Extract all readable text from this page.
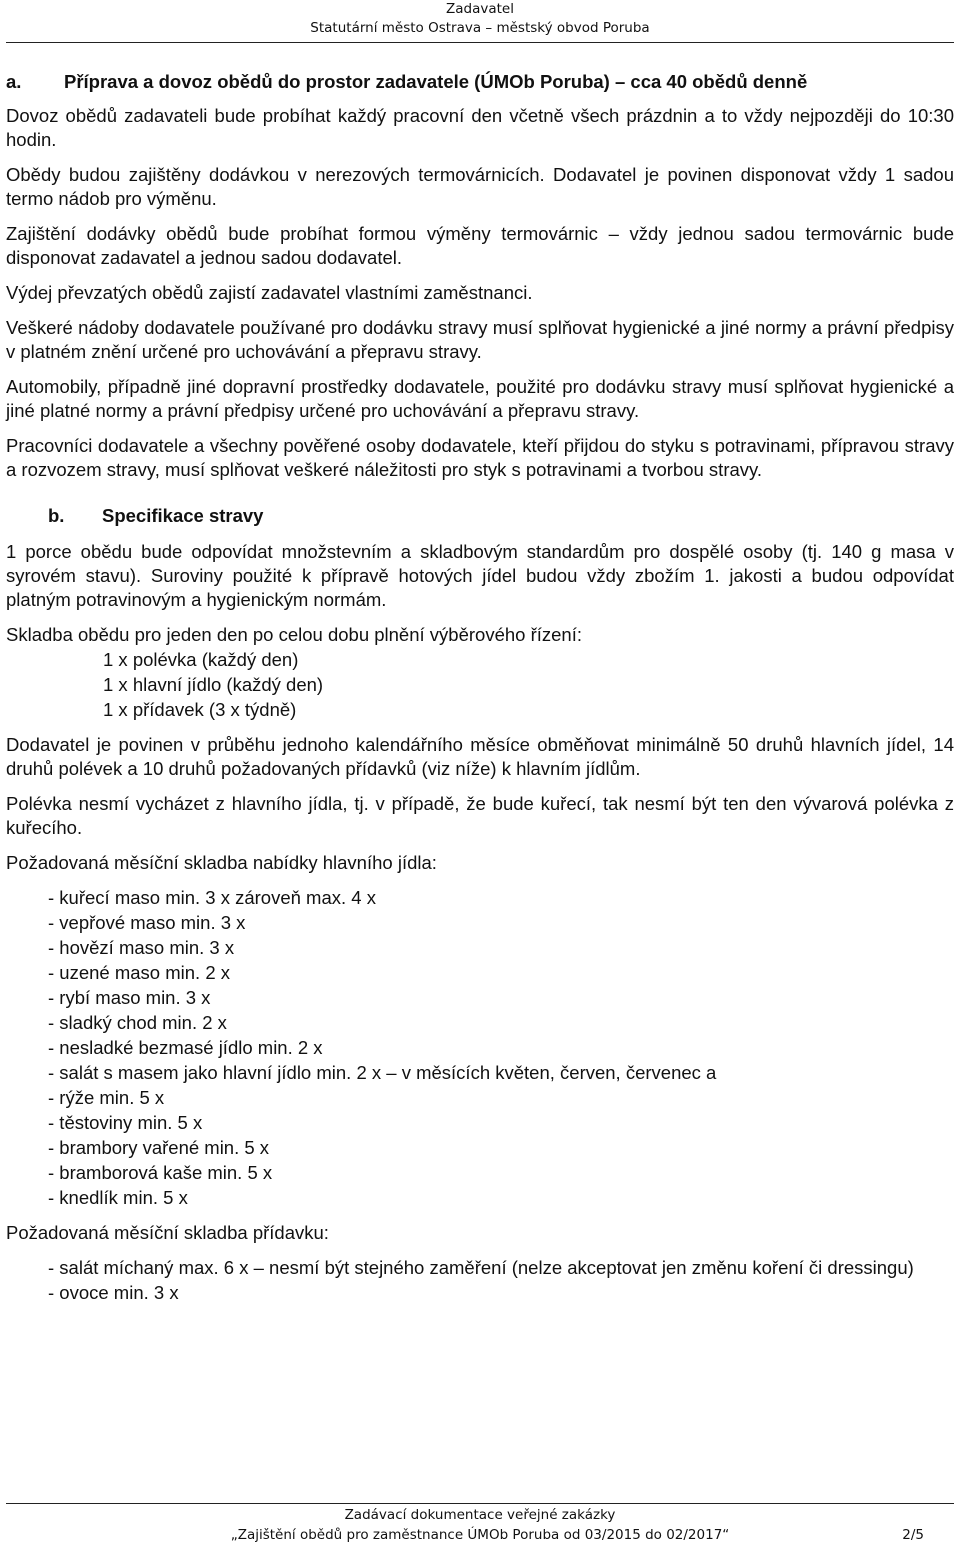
Zadavatel
Statutární město Ostrava – městský obvod Poruba
a.	Příprava a dovoz obědů do prostor zadavatele (ÚMOb Poruba) – cca 40 obědů denně

Dovoz obědů zadavateli bude probíhat každý pracovní den včetně všech prázdnin a to vždy nejpozději do 10:30 hodin.

Obědy budou zajištěny dodávkou v nerezových termovárnicích. Dodavatel je povinen disponovat vždy 1 sadou termo nádob pro výměnu.

Zajištění dodávky obědů bude probíhat formou výměny termovárnic – vždy jednou sadou termovárnic bude disponovat zadavatel a jednou sadou dodavatel.

Výdej převzatých obědů zajistí zadavatel vlastními zaměstnanci.

Veškeré nádoby dodavatele používané pro dodávku stravy musí splňovat hygienické a jiné normy a právní předpisy v platném znění určené pro uchovávání a přepravu stravy.

Automobily, případně jiné dopravní prostředky dodavatele, použité pro dodávku stravy musí splňovat hygienické a jiné platné normy a právní předpisy určené pro uchovávání a přepravu stravy.

Pracovníci dodavatele a všechny pověřené osoby dodavatele, kteří přijdou do styku s potravinami, přípravou stravy a rozvozem stravy, musí splňovat veškeré náležitosti pro styk s potravinami a tvorbou stravy.

b.	Specifikace stravy

1 porce obědu bude odpovídat množstevním a skladbovým standardům pro dospělé osoby (tj. 140 g masa v syrovém stavu). Suroviny použité k přípravě hotových jídel budou vždy zbožím 1. jakosti a budou odpovídat platným potravinovým a hygienickým normám.

Skladba obědu pro jeden den po celou dobu plnění výběrového řízení:

1 x polévka (každý den)
1 x hlavní jídlo (každý den)
1 x přídavek (3 x týdně)

Dodavatel je povinen v průběhu jednoho kalendářního měsíce obměňovat minimálně 50 druhů hlavních jídel, 14 druhů polévek a 10 druhů požadovaných přídavků (viz níže) k hlavním jídlům.

Polévka nesmí vycházet z hlavního jídla, tj. v případě, že bude kuřecí, tak nesmí být ten den vývarová polévka z kuřecího.

Požadovaná měsíční skladba nabídky hlavního jídla:

- kuřecí maso min. 3 x zároveň max. 4 x
- vepřové maso min. 3 x
- hovězí maso min. 3 x
- uzené maso min. 2 x
- rybí maso min. 3 x
- sladký chod min. 2 x
- nesladké bezmasé jídlo min. 2 x
- salát s masem jako hlavní jídlo min. 2 x – v měsících květen, červen, červenec a
- rýže min. 5 x
- těstoviny min. 5 x
- brambory vařené min. 5 x
- bramborová kaše min. 5 x
- knedlík min. 5 x

Požadovaná měsíční skladba přídavku:

- salát míchaný max. 6 x – nesmí být stejného zaměření (nelze akceptovat jen změnu koření či dressingu)
- ovoce min. 3 x
Zadávací dokumentace veřejné zakázky
„Zajištění obědů pro zaměstnance ÚMOb Poruba od 03/2015 do 02/2017“	2/5
